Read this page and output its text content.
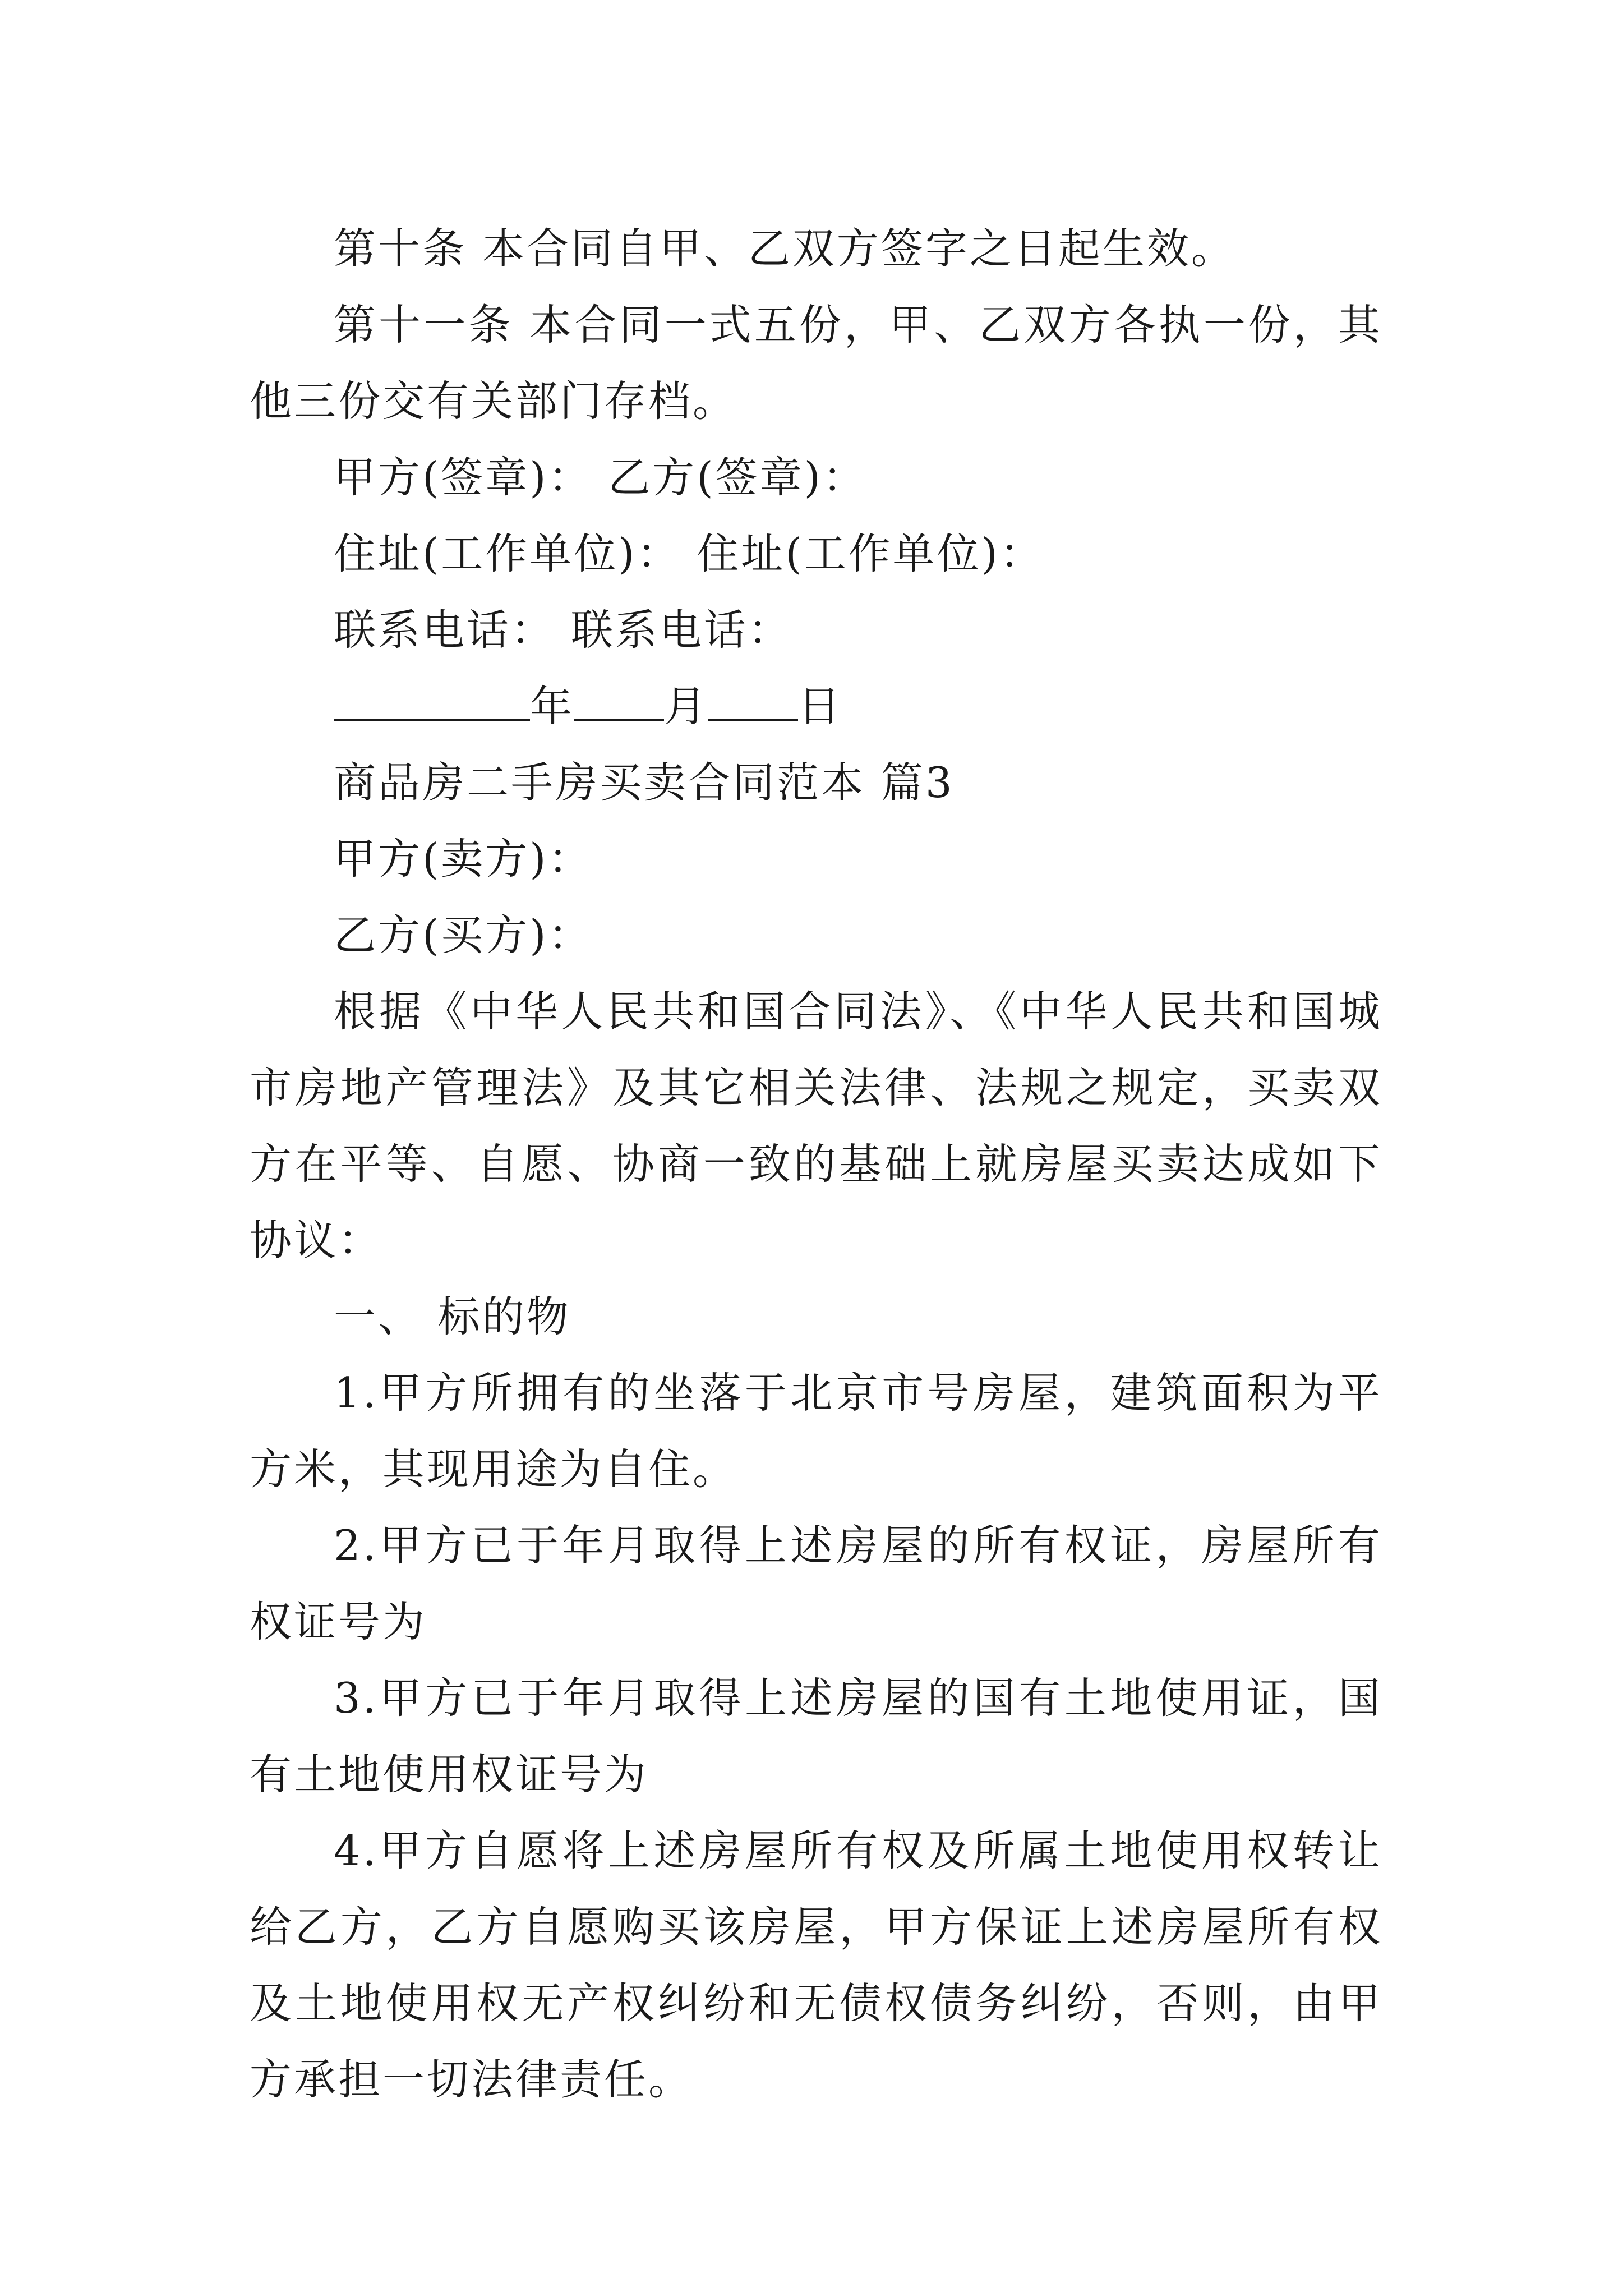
第十条 本合同自甲、乙双方签字之日起生效。

第十一条 本合同一式五份，甲、乙双方各执一份，其他三份交有关部门存档。

甲方(签章)： 乙方(签章)：

住址(工作单位)： 住址(工作单位)：

联系电话： 联系电话：

年 月 日

商品房二手房买卖合同范本 篇3

甲方(卖方)：

乙方(买方)：

根据《中华人民共和国合同法》、《中华人民共和国城市房地产管理法》及其它相关法律、法规之规定，买卖双方在平等、自愿、协商一致的基础上就房屋买卖达成如下协议：

一、 标的物

1.甲方所拥有的坐落于北京市号房屋，建筑面积为平方米，其现用途为自住。

2.甲方已于年月取得上述房屋的所有权证，房屋所有权证号为

3.甲方已于年月取得上述房屋的国有土地使用证，国有土地使用权证号为

4.甲方自愿将上述房屋所有权及所属土地使用权转让给乙方，乙方自愿购买该房屋，甲方保证上述房屋所有权及土地使用权无产权纠纷和无债权债务纠纷，否则，由甲方承担一切法律责任。
